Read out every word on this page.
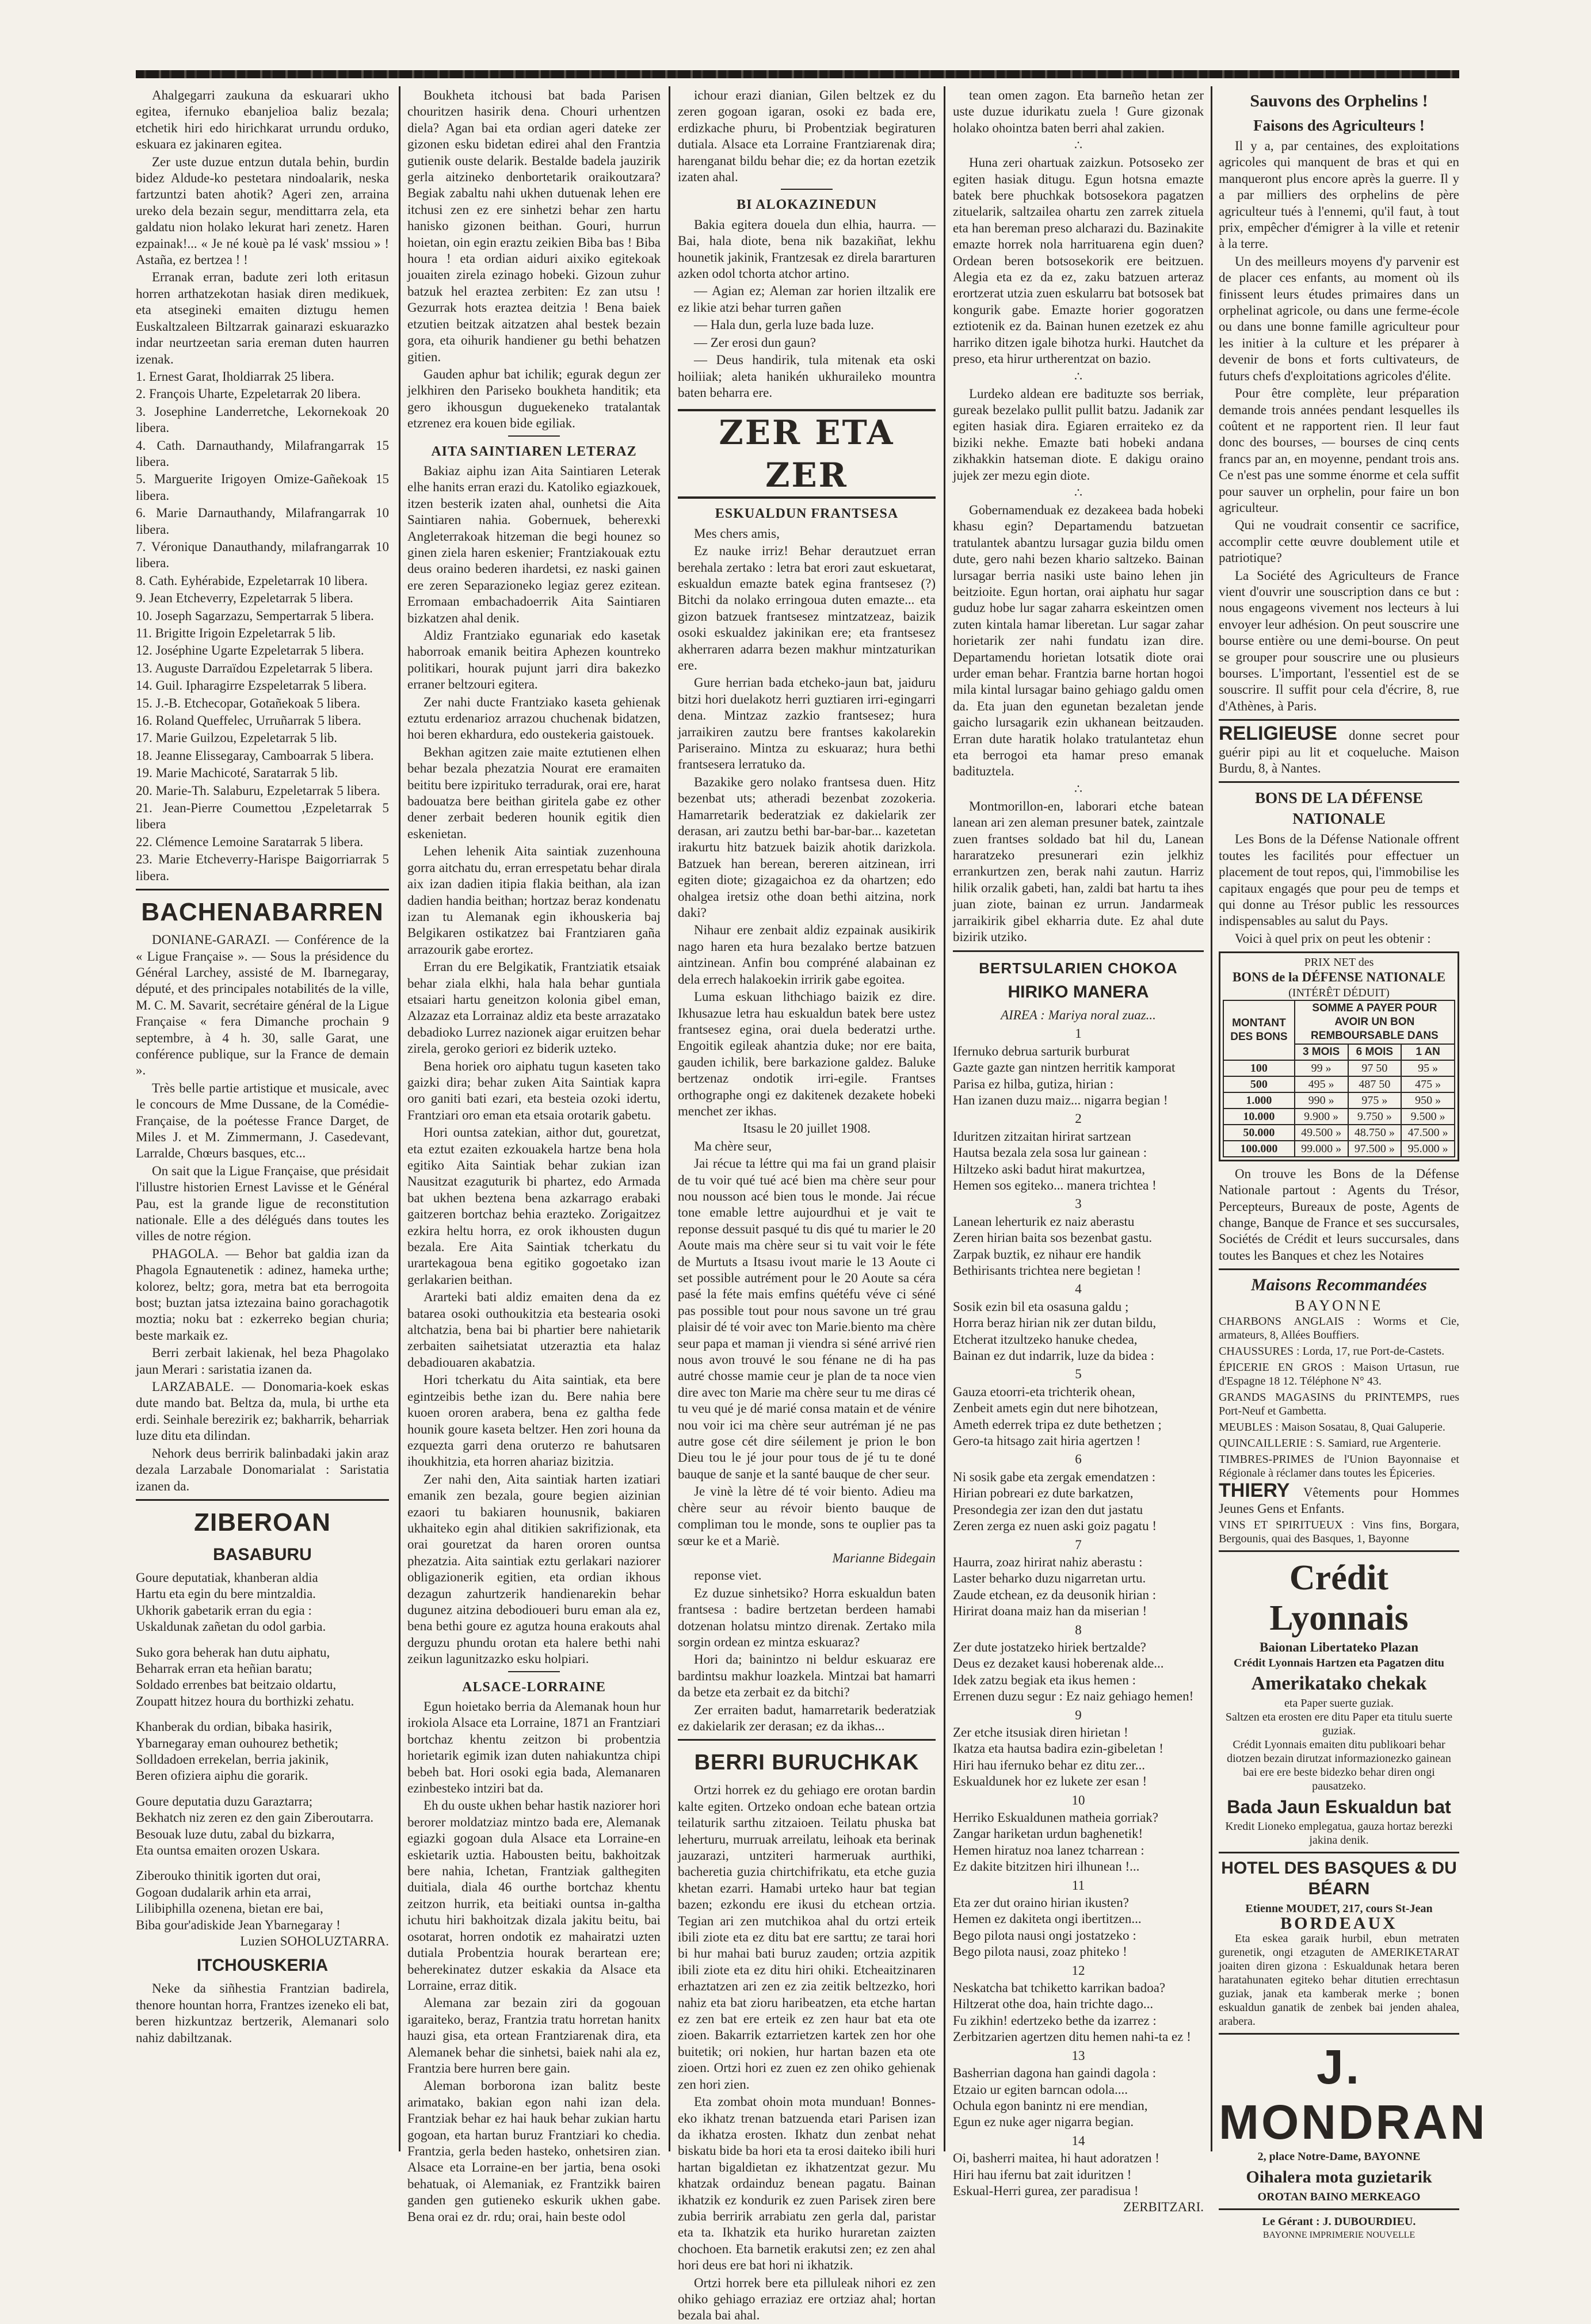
Ahalgegarri zaukuna da eskuarari ukho egitea, ifernuko ebanjelioa baliz bezala; etchetik hiri edo hirichkarat urrundu orduko, eskuara ez jakinaren egitea.

Zer uste duzue entzun dutala behin, burdin bidez Aldude-ko pestetara nindoalarik, neska fartzuntzi baten ahotik? Ageri zen, arraina ureko dela bezain segur, mendittarra zela, eta galdatu nion holako lekurat hari zenetz. Haren ezpainak!... « Je né kouè pa lé vask' mssiou » ! Astaña, ez bertzea ! !

Erranak erran, badute zeri loth eritasun horren arthatzekotan hasiak diren medikuek, eta atsegineki emaiten diztugu hemen Euskaltzaleen Biltzarrak gainarazi eskuarazko indar neurtzeetan saria ereman duten haurren izenak.

1. Ernest Garat, Iholdiarrak 25 libera.

2. François Uharte, Ezpeletarrak 20 libera.

3. Josephine Landerretche, Lekornekoak 20 libera.

4. Cath. Darnauthandy, Milafrangarrak 15 libera.

5. Marguerite Irigoyen Omize-Gañekoak 15 libera.

6. Marie Darnauthandy, Milafrangarrak 10 libera.

7. Véronique Danauthandy, milafrangarrak 10 libera.

8. Cath. Eyhérabide, Ezpeletarrak 10 libera.

9. Jean Etcheverry, Ezpeletarrak 5 libera.

10. Joseph Sagarzazu, Sempertarrak 5 libera.

11. Brigitte Irigoin Ezpeletarrak 5 lib.

12. Joséphine Ugarte Ezpeletarrak 5 libera.

13. Auguste Darraïdou Ezpeletarrak 5 libera.

14. Guil. Ipharagirre Ezspeletarrak 5 libera.

15. J.-B. Etchecopar, Gotañekoak 5 libera.

16. Roland Queffelec, Urruñarrak 5 libera.

17. Marie Guilzou, Ezpeletarrak 5 lib.

18. Jeanne Elissegaray, Camboarrak 5 libera.

19. Marie Machicoté, Saratarrak 5 lib.

20. Marie-Th. Salaburu, Ezpeletarrak 5 libera.

21. Jean-Pierre Coumettou ,Ezpeletarrak 5 libera

22. Clémence Lemoine Saratarrak 5 libera.

23. Marie Etcheverry-Harispe Baigorriarrak 5 libera.

BACHENABARREN

DONIANE-GARAZI. — Conférence de la « Ligue Française ». — Sous la présidence du Général Larchey, assisté de M. Ibarnegaray, député, et des principales notabilités de la ville, M. C. M. Savarit, secrétaire général de la Ligue Française « fera Dimanche prochain 9 septembre, à 4 h. 30, salle Garat, une conférence publique, sur la France de demain ».

Très belle partie artistique et musicale, avec le concours de Mme Dussane, de la Comédie-Française, de la poétesse France Darget, de Miles J. et M. Zimmermann, J. Casedevant, Larralde, Chœurs basques, etc...

On sait que la Ligue Française, que présidait l'illustre historien Ernest Lavisse et le Général Pau, est la grande ligue de reconstitution nationale. Elle a des délégués dans toutes les villes de notre région.

PHAGOLA. — Behor bat galdia izan da Phagola Egnautenetik : adinez, hameka urthe; kolorez, beltz; gora, metra bat eta berrogoita bost; buztan jatsa iztezaina baino gorachagotik moztia; noku bat : ezkerreko begian churia; beste markaik ez.

Berri zerbait lakienak, hel beza Phagolako jaun Merari : saristatia izanen da.

LARZABALE. — Donomaria-koek eskas dute mando bat. Beltza da, mula, bi urthe eta erdi. Seinhale berezirik ez; bakharrik, beharriak luze ditu eta dilindan.

Nehork deus berririk balinbadaki jakin araz dezala Larzabale Donomarialat : Saristatia izanen da.

ZIBEROAN
BASABURU

Goure deputatiak, khanberan aldia

Hartu eta egin du bere mintzaldia.

Ukhorik gabetarik erran du egia :

Uskaldunak zañetan du odol garbia.

Suko gora beherak han dutu aiphatu,

Beharrak erran eta heñian baratu;

Soldado errenbes bat beitzaio oldartu,

Zoupatt hitzez houra du borthizki zehatu.

Khanberak du ordian, bibaka hasirik,

Ybarnegaray eman ouhourez bethetik;

Solldadoen errekelan, berria jakinik,

Beren ofiziera aiphu die gorarik.

Goure deputatia duzu Garaztarra;

Bekhatch niz zeren ez den gain Ziberoutarra.

Besouak luze dutu, zabal du bizkarra,

Eta ountsa emaiten orozen Uskara.

Ziberouko thinitik igorten dut orai,

Gogoan dudalarik arhin eta arrai,

Lilibiphilla ozenena, bietan ere bai,

Biba gour'adiskide Jean Ybarnegaray !

Luzien SOHOLUZTARRA.

ITCHOUSKERIA

Neke da siñhestia Frantzian badirela, thenore hountan horra, Frantzes izeneko eli bat, beren hizkuntzaz bertzerik, Alemanari solo nahiz dabiltzanak.

Boukheta itchousi bat bada Parisen chouritzen hasirik dena. Chouri urhentzen diela? Agan bai eta ordian ageri dateke zer gizonen esku bidetan edirei ahal den Frantzia gutienik ouste delarik. Bestalde badela jauzirik gerla aitzineko denbortetarik oraikoutzara? Begiak zabaltu nahi ukhen dutuenak lehen ere itchusi zen ez ere sinhetzi behar zen hartu hanisko gizonen beithan. Gouri, hurrun hoietan, oin egin eraztu zeikien Biba bas ! Biba houra ! eta ordian aiduri aixiko egitekoak jouaiten zirela ezinago hobeki. Gizoun zuhur batzuk hel eraztea zerbiten: Ez zan utsu ! Gezurrak hots eraztea deitzia ! Bena baiek etzutien beitzak aitzatzen ahal bestek bezain gora, eta oihurik handiener gu bethi behatzen gitien.

Gauden aphur bat ichilik; egurak degun zer jelkhiren den Pariseko boukheta handitik; eta gero ikhousgun duguekeneko tratalantak etzrenez era kouen bide egiliak.

AITA SAINTIAREN LETERAZ

Bakiaz aiphu izan Aita Saintiaren Leterak elhe hanits erran erazi du. Katoliko egiazkouek, itzen besterik izaten ahal, ounhetsi die Aita Saintiaren nahia. Gobernuek, beherexki Angleterrakoak hitzeman die begi hounez so ginen ziela haren eskenier; Frantziakouak eztu deus oraino bederen ihardetsi, ez naski gainen ere zeren Separazioneko legiaz gerez ezitean. Erromaan embachadoerrik Aita Saintiaren bizkatzen ahal denik.

Aldiz Frantziako egunariak edo kasetak haborroak emanik beitira Aphezen kountreko politikari, hourak pujunt jarri dira bakezko erraner beltzouri egitera.

Zer nahi ducte Frantziako kaseta gehienak eztutu erdenarioz arrazou chuchenak bidatzen, hoi beren ekhardura, edo oustekeria gaistouek.

Bekhan agitzen zaie maite eztutienen elhen behar bezala phezatzia Nourat ere eramaiten beititu bere izpirituko terradurak, orai ere, harat badouatza bere beithan giritela gabe ez other dener zerbait bederen hounik egitik dien eskenietan.

Lehen lehenik Aita saintiak zuzenhouna gorra aitchatu du, erran errespetatu behar dirala aix izan dadien itipia flakia beithan, ala izan dadien handia beithan; hortzaz beraz kondenatu izan tu Alemanak egin ikhouskeria baj Belgikaren ostikatzez bai Frantziaren gaña arrazourik gabe erortez.

Erran du ere Belgikatik, Frantziatik etsaiak behar ziala elkhi, hala hala behar guntiala etsaiari hartu geneitzon kolonia gibel eman, Alzazaz eta Lorrainaz aldiz eta beste arrazatako debadioko Lurrez nazionek aigar eruitzen behar zirela, geroko geriori ez biderik uzteko.

Bena horiek oro aiphatu tugun kaseten tako gaizki dira; behar zuken Aita Saintiak kapra oro ganiti bati ezari, eta besteia ozoki idertu, Frantziari oro eman eta etsaia orotarik gabetu.

Hori ountsa zatekian, aithor dut, gouretzat, eta eztut ezaiten ezkouakela hartze bena hola egitiko Aita Saintiak behar zukian izan Nausitzat ezaguturik bi phartez, edo Armada bat ukhen beztena bena azkarrago erabaki gaitzeren bortchaz behia erazteko. Zorigaitzez ezkira heltu horra, ez orok ikhousten dugun bezala. Ere Aita Saintiak tcherkatu du urartekagoua bena egitiko gogoetako izan gerlakarien beithan.

Ararteki bati aldiz emaiten dena da ez batarea osoki outhoukitzia eta bestearia osoki altchatzia, bena bai bi phartier bere nahietarik zerbaiten saihetsiatat utzeraztia eta halaz debadiouaren akabatzia.

Hori tcherkatu du Aita saintiak, eta bere egintzeibis bethe izan du. Bere nahia bere kuoen ororen arabera, bena ez galtha fede hounik goure kaseta beltzer. Hen zori houna da ezquezta garri dena oruterzo re bahutsaren ihoukhitzia, eta horren ahariaz bizitzia.

Zer nahi den, Aita saintiak harten izatiari emanik zen bezala, goure begien aizinian ezaori tu bakiaren hounusnik, bakiaren ukhaiteko egin ahal ditikien sakrifizionak, eta orai gouretzat da haren ororen ountsa phezatzia. Aita saintiak eztu gerlakari naziorer obligazionerik egitien, eta ordian ikhous dezagun zahurtzerik handienarekin behar dugunez aitzina debodioueri buru eman ala ez, bena bethi goure ez agutza houna erakouts ahal derguzu phundu orotan eta halere bethi nahi zeikun lagunitzazko esku holpiari.

ALSACE-LORRAINE

Egun hoietako berria da Alemanak houn hur irokiola Alsace eta Lorraine, 1871 an Frantziari bortchaz khentu zeitzon bi probentzia horietarik egimik izan duten nahiakuntza chipi bebeh bat. Hori osoki egia bada, Alemanaren ezinbesteko intziri bat da.

Eh du ouste ukhen behar hastik naziorer hori berorer moldatziaz mintzo bada ere, Alemanak egiazki gogoan dula Alsace eta Lorraine-en eskietarik uztia. Habousten beitu, bakhoitzak bere nahia, Ichetan, Frantziak galthegiten duitiala, diala 46 ourthe bortchaz khentu zeitzon hurrik, eta beitiaki ountsa in-galtha ichutu hiri bakhoitzak dizala jakitu beitu, bai osotarat, horren ondotik ez mahairatzi uzten dutiala Probentzia hourak berartean ere; beherekinatez dutzer eskakia da Alsace eta Lorraine, erraz ditik.

Alemana zar bezain ziri da gogouan igaraiteko, beraz, Frantzia tratu horretan hanitx hauzi gisa, eta ortean Frantziarenak dira, eta Alemanek behar die sinhetsi, baiek nahi ala ez, Frantzia bere hurren bere gain.

Aleman borborona izan balitz beste arimatako, bakian egon nahi izan dela. Frantziak behar ez hai hauk behar zukian hartu gogoan, eta hartan buruz Frantziari ko chedia. Frantzia, gerla beden hasteko, onhetsiren zian. Alsace eta Lorraine-en ber jartia, bena osoki behatuak, oi Alemaniak, ez Frantzikk bairen ganden gen gutieneko eskurik ukhen gabe. Bena orai ez dr. rdu; orai, hain beste odol

ichour erazi dianian, Gilen beltzek ez du zeren gogoan igaran, osoki ez bada ere, erdizkache phuru, bi Probentziak begiraturen dutiala. Alsace eta Lorraine Frantziarenak dira; harenganat bildu behar die; ez da hortan ezetzik izaten ahal.

BI ALOKAZINEDUN

Bakia egitera douela dun elhia, haurra. — Bai, hala diote, bena nik bazakiñat, lekhu hounetik jakinik, Frantzesak ez direla bararturen azken odol tchorta atchor artino.

— Agian ez; Aleman zar horien iltzalik ere ez likie atzi behar turren gañen

— Hala dun, gerla luze bada luze.

— Zer erosi dun gaun?

— Deus handirik, tula mitenak eta oski hoiliiak; aleta hanikén ukhuraileko mountra baten beharra ere.

ZER ETA ZER
ESKUALDUN FRANTSESA

Mes chers amis,

Ez nauke irriz! Behar derautzuet erran berehala zertako : letra bat erori zaut eskuetarat, eskualdun emazte batek egina frantsesez (?) Bitchi da nolako erringoua duten emazte... eta gizon batzuek frantsesez mintzatzeaz, baizik osoki eskualdez jakinikan ere; eta frantsesez akherraren adarra bezen makhur mintzaturikan ere.

Gure herrian bada etcheko-jaun bat, jaiduru bitzi hori duelakotz herri guztiaren irri-egingarri dena. Mintzaz zazkio frantsesez; hura jarraikiren zautzu bere frantses kakolarekin Pariseraino. Mintza zu eskuaraz; hura bethi frantsesera lerratuko da.

Bazakike gero nolako frantsesa duen. Hitz bezenbat uts; atheradi bezenbat zozokeria. Hamarretarik bederatziak ez dakielarik zer derasan, ari zautzu bethi bar-bar-bar... kazetetan irakurtu hitz batzuek baizik ahotik darizkola. Batzuek han berean, bereren aitzinean, irri egiten diote; gizagaichoa ez da ohartzen; edo ohalgea iretsiz othe doan bethi aitzina, nork daki?

Nihaur ere zenbait aldiz ezpainak ausikirik nago haren eta hura bezalako bertze batzuen aintzinean. Anfin bou compréné alabainan ez dela errech halakoekin irririk gabe egoitea.

Luma eskuan lithchiago baizik ez dire. Ikhusazue letra hau eskualdun batek bere ustez frantsesez egina, orai duela bederatzi urthe. Engoitik egileak ahantzia duke; nor ere baita, gauden ichilik, bere barkazione galdez. Baluke bertzenaz ondotik irri-egile. Frantses orthographe ongi ez dakitenek dezakete hobeki menchet zer ikhas.

Itsasu le 20 juillet 1908.

Ma chère seur,

Jai récue ta léttre qui ma fai un grand plaisir de tu voir qué tué acé bien ma chère seur pour nou nousson acé bien tous le monde. Jai récue tone emable lettre aujourdhui et je vait te reponse dessuit pasqué tu dis qué tu marier le 20 Aoute mais ma chère seur si tu vait voir le féte de Murtuts a Itsasu ivout marie le 13 Aoute ci set possible autrément pour le 20 Aoute sa céra pasé la féte mais emfins quétéfu véve ci séné pas possible tout pour nous savone un tré grau plaisir dé té voir avec ton Marie.biento ma chère seur papa et maman ji viendra si séné arrivé rien nous avon trouvé le sou fénane ne di ha pas autré chosse mamie ceur je plan de ta noce vien dire avec ton Marie ma chère seur tu me diras cé tu veu qué je dé marié consa matain et de vénire nou voir ici ma chère seur autréman jé ne pas autre gose cét dire séilement je prion le bon Dieu tou le jé jour pour tous de jé tu te doné bauque de sanje et la santé bauque de cher seur.

Je vinè la lètre dé té voir biento. Adieu ma chère seur au révoir biento bauque de compliman tou le monde, sons te ouplier pas ta sœur ke et a Mariè.

Marianne Bidegain

reponse viet.

Ez duzue sinhetsiko? Horra eskualdun baten frantsesa : badire bertzetan berdeen hamabi dotzenan holatsu mintzo direnak. Zertako mila sorgin ordean ez mintza eskuaraz?

Hori da; bainintzo ni beldur eskuaraz ere bardintsu makhur loazkela. Mintzai bat hamarri da betze eta zerbait ez da bitchi?

Zer erraiten badut, hamarretarik bederatziak ez dakielarik zer derasan; ez da ikhas...

BERRI BURUCHKAK

Ortzi horrek ez du gehiago ere orotan bardin kalte egiten. Ortzeko ondoan eche batean ortzia teilaturik sarthu zitzaioen. Teilatu phuska bat leherturu, murruak arreilatu, leihoak eta berinak jauzarazi, untziteri harmeruak aurthiki, bacheretia guzia chirtchifrikatu, eta etche guzia khetan ezarri. Hamabi urteko haur bat tegian bazen; ezkondu ere ikusi du etchean ortzia. Tegian ari zen mutchikoa ahal du ortzi erteik ibili ziote eta ez ditu bat ere sarttu; ze tarai hori bi hur mahai bati buruz zauden; ortzia azpitik ibili ziote eta ez ditu hiri ohiki. Etcheaitzinaren erhaztatzen ari zen ez zia zeitik beltzezko, hori nahiz eta bat zioru haribeatzen, eta etche hartan ez zen bat ere erteik ez zen haur bat eta ote zioen. Bakarrik eztarrietzen kartek zen hor ohe buitetik; ori nokien, hur hartan bazen eta ote zioen. Ortzi hori ez zuen ez zen ohiko gehienak zen hori zien.

Eta zombat ohoin mota munduan! Bonnes-eko ikhatz trenan batzuenda etari Parisen izan da ikhatza erosten. Ikhatz dun zenbat nehat biskatu bide ba hori eta ta erosi daiteko ibili huri hartan bigaldietan ez ikhatzentzat gezur. Mu khatzak ordainduz benean pagatu. Bainan ikhatzik ez kondurik ez zuen Parisek ziren bere zubia berririk arrabiatu zen gerla dal, paristar eta ta. Ikhatzik eta huriko huraretan zaizten chochoen. Eta barnetik erakutsi zen; ez zen ahal hori deus ere bat hori ni ikhatzik.

Ortzi horrek bere eta pilluleak nihori ez zen ohiko gehiago erraziaz ere ortziaz ahal; hortan bezala bai ahal.

tean omen zagon. Eta barneño hetan zer uste duzue idurikatu zuela ! Gure gizonak holako ohointza baten berri ahal zakien.

∴

Huna zeri ohartuak zaizkun. Potsoseko zer egiten hasiak ditugu. Egun hotsna emazte batek bere phuchkak botsosekora pagatzen zituelarik, saltzailea ohartu zen zarrek zituela eta han bereman preso alcharazi du. Bazinakite emazte horrek nola harrituarena egin duen? Ordean beren botsosekorik ere beitzuen. Alegia eta ez da ez, zaku batzuen arteraz erortzerat utzia zuen eskularru bat botsosek bat kongurik gabe. Emazte horier gogoratzen eztiotenik ez da. Bainan hunen ezetzek ez ahu harriko ditzen igale bihotza hurki. Hautchet da preso, eta hirur urtherentzat on bazio.

∴

Lurdeko aldean ere badituzte sos berriak, gureak bezelako pullit pullit batzu. Jadanik zar egiten hasiak dira. Egiaren erraiteko ez da biziki nekhe. Emazte bati hobeki andana zikhakkin hatseman diote. E dakigu oraino jujek zer mezu egin diote.

∴

Gobernamenduak ez dezakeea bada hobeki khasu egin? Departamendu batzuetan tratulantek abantzu lursagar guzia bildu omen dute, gero nahi bezen khario saltzeko. Bainan lursagar berria nasiki uste baino lehen jin beitzioite. Egun hortan, orai aiphatu hur sagar guduz hobe lur sagar zaharra eskeintzen omen zuten kintala hamar liberetan. Lur sagar zahar horietarik zer nahi fundatu izan dire. Departamendu horietan lotsatik diote orai urder eman behar. Frantzia barne hortan hogoi mila kintal lursagar baino gehiago galdu omen da. Eta juan den egunetan bezaletan jende gaicho lursagarik ezin ukhanean beitzauden. Erran dute haratik holako tratulantetaz ehun eta berrogoi eta hamar preso emanak badituztela.

∴

Montmorillon-en, laborari etche batean lanean ari zen aleman presuner batek, zaintzale zuen frantses soldado bat hil du, Lanean hararatzeko presunerari ezin jelkhiz errankurtzen zen, berak nahi zautun. Harriz hilik orzalik gabeti, han, zaldi bat hartu ta ihes juan ziote, bainan ez urrun. Jandarmeak jarraikirik gibel ekharria dute. Ez ahal dute bizirik utziko.

BERTSULARIEN CHOKOA
HIRIKO MANERA

AIREA : Mariya noral zuaz...

1

Ifernuko debrua sarturik burburat

Gazte gazte gan nintzen herritik kamporat

Parisa ez hilba, gutiza, hirian :

Han izanen duzu maiz... nigarra begian !

2

Iduritzen zitzaitan hirirat sartzean

Hautsa bezala zela sosa lur gainean :

Hiltzeko aski badut hirat makurtzea,

Hemen sos egiteko... manera trichtea !

3

Lanean leherturik ez naiz aberastu

Zeren hirian baita sos bezenbat gastu.

Zarpak buztik, ez nihaur ere handik

Bethirisants trichtea nere begietan !

4

Sosik ezin bil eta osasuna galdu ;

Horra beraz hirian nik zer dutan bildu,

Etcherat itzultzeko hanuke chedea,

Bainan ez dut indarrik, luze da bidea :

5

Gauza etoorri-eta trichterik ohean,

Zenbeit amets egin dut nere bihotzean,

Ameth ederrek tripa ez dute bethetzen ;

Gero-ta hitsago zait hiria agertzen !

6

Ni sosik gabe eta zergak emendatzen :

Hirian pobreari ez dute barkatzen,

Presondegia zer izan den dut jastatu

Zeren zerga ez nuen aski goiz pagatu !

7

Haurra, zoaz hirirat nahiz aberastu :

Laster beharko duzu nigarretan urtu.

Zaude etchean, ez da deusonik hirian :

Hirirat doana maiz han da miserian !

8

Zer dute jostatzeko hiriek bertzalde?

Deus ez dezaket kausi hoberenak alde...

Idek zatzu begiak eta ikus hemen :

Errenen duzu segur : Ez naiz gehiago hemen!

9

Zer etche itsusiak diren hirietan !

Ikatza eta hautsa badira ezin-gibeletan !

Hiri hau ifernuko behar ez ditu zer...

Eskualdunek hor ez lukete zer esan !

10

Herriko Eskualdunen matheia gorriak?

Zangar hariketan urdun baghenetik!

Hemen hiratuz noa lanez tcharrean :

Ez dakite bitzitzen hiri ilhunean !...

11

Eta zer dut oraino hirian ikusten?

Hemen ez dakiteta ongi ibertitzen...

Bego pilota nausi ongi jostatzeko :

Bego pilota nausi, zoaz phiteko !

12

Neskatcha bat tchiketto karrikan badoa?

Hiltzerat othe doa, hain trichte dago...

Fu zikhin! edertzeko bethe da izarrez :

Zerbitzarien agertzen ditu hemen nahi-ta ez !

13

Basherrian dagona han gaindi dagola :

Etzaio ur egiten barncan odola....

Ochula egon banintz ni ere mendian,

Egun ez nuke ager nigarra begian.

14

Oi, basherri maitea, hi haut adoratzen !

Hiri hau ifernu bat zait iduritzen !

Eskual-Herri gurea, zer paradisua !

ZERBITZARI.

Sauvons des Orphelins !
Faisons des Agriculteurs !

Il y a, par centaines, des exploitations agricoles qui manquent de bras et qui en manqueront plus encore après la guerre. Il y a par milliers des orphelins de père agriculteur tués à l'ennemi, qu'il faut, à tout prix, empêcher d'émigrer à la ville et retenir à la terre.

Un des meilleurs moyens d'y parvenir est de placer ces enfants, au moment où ils finissent leurs études primaires dans un orphelinat agricole, ou dans une ferme-école ou dans une bonne famille agriculteur pour les initier à la culture et les préparer à devenir de bons et forts cultivateurs, de futurs chefs d'exploitations agricoles d'élite.

Pour être complète, leur préparation demande trois années pendant lesquelles ils coûtent et ne rapportent rien. Il leur faut donc des bourses, — bourses de cinq cents francs par an, en moyenne, pendant trois ans. Ce n'est pas une somme énorme et cela suffit pour sauver un orphelin, pour faire un bon agriculteur.

Qui ne voudrait consentir ce sacrifice, accomplir cette œuvre doublement utile et patriotique?

La Société des Agriculteurs de France vient d'ouvrir une souscription dans ce but : nous engageons vivement nos lecteurs à lui envoyer leur adhésion. On peut souscrire une bourse entière ou une demi-bourse. On peut se grouper pour souscrire une ou plusieurs bourses. L'important, l'essentiel est de se souscrire. Il suffit pour cela d'écrire, 8, rue d'Athènes, à Paris.

RELIGIEUSE donne secret pour guérir pipi au lit et coqueluche. Maison Burdu, 8, à Nantes.

BONS DE LA DÉFENSE NATIONALE

Les Bons de la Défense Nationale offrent toutes les facilités pour effectuer un placement de tout repos, qui, l'immobilise les capitaux engagés que pour peu de temps et qui donne au Trésor public les ressources indispensables au salut du Pays.

Voici à quel prix on peut les obtenir :

PRIX NET des
BONS de la DÉFENSE NATIONALE
(INTÉRÊT DÉDUIT)
MONTANT DES BONS	SOMME A PAYER POUR AVOIR UN BON REMBOURSABLE DANS		
	3 MOIS	6 MOIS	1 AN
100	99 »	97 50	95 »
500	495 »	487 50	475 »
1.000	990 »	975 »	950 »
10.000	9.900 »	9.750 »	9.500 »
50.000	49.500 »	48.750 »	47.500 »
100.000	99.000 »	97.500 »	95.000 »

On trouve les Bons de la Défense Nationale partout : Agents du Trésor, Percepteurs, Bureaux de poste, Agents de change, Banque de France et ses succursales, Sociétés de Crédit et leurs succursales, dans toutes les Banques et chez les Notaires

Maisons Recommandées
BAYONNE

CHARBONS ANGLAIS : Worms et Cie, armateurs, 8, Allées Bouffiers.

CHAUSSURES : Lorda, 17, rue Port-de-Castets.

ÉPICERIE EN GROS : Maison Urtasun, rue d'Espagne 18 12. Téléphone N° 43.

GRANDS MAGASINS du PRINTEMPS, rues Port-Neuf et Gambetta.

MEUBLES : Maison Sosatau, 8, Quai Galuperie.

QUINCAILLERIE : S. Samiard, rue Argenterie.

TIMBRES-PRIMES de l'Union Bayonnaise et Régionale à réclamer dans toutes les Épiceries.

THIERY Vêtements pour Hommes Jeunes Gens et Enfants.

VINS ET SPIRITUEUX : Vins fins, Borgara, Bergounis, quai des Basques, 1, Bayonne

Crédit Lyonnais
Baionan Libertateko Plazan
Crédit Lyonnais Hartzen eta Pagatzen ditu
Amerikatako chekak
eta Paper suerte guziak.
Saltzen eta erosten ere ditu Paper eta titulu suerte guziak.
Crédit Lyonnais emaiten ditu publikoari behar diotzen bezain dirutzat informazionezko gainean bai ere ere beste bidezko behar diren ongi pausatzeko.
Bada Jaun Eskualdun bat
Kredit Lioneko emplegatua, gauza hortaz berezki jakina denik.
HOTEL DES BASQUES & DU BÉARN
Etienne MOUDET, 217, cours St-Jean
BORDEAUX

Eta eskea garaik hurbil, ebun metraten gurenetik, ongi etzaguten de AMERIKETARAT joaiten diren gizona : Eskualdunak hetara beren haratahunaten egiteko behar ditutien errechtasun guziak, janak eta kamberak merke ; bonen eskualdun ganatik de zenbek bai jenden ahalea, arabera.

J. MONDRAN
2, place Notre-Dame, BAYONNE
Oihalera mota guzietarik
OROTAN BAINO MERKEAGO
Le Gérant : J. DUBOURDIEU.
BAYONNE IMPRIMERIE NOUVELLE
